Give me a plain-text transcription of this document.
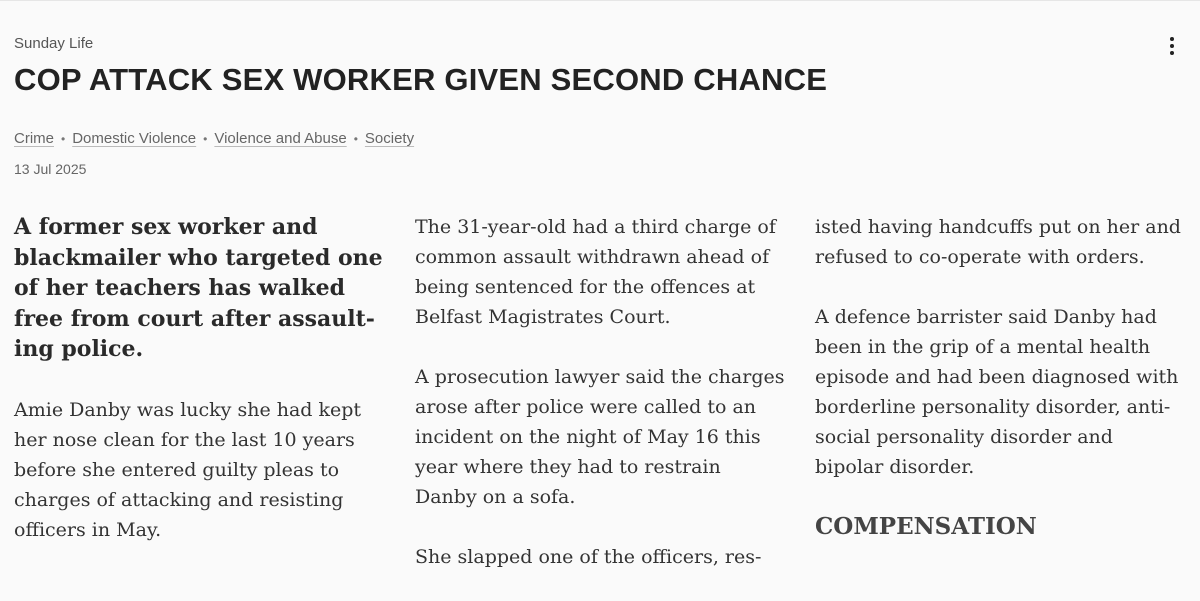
Sunday Life
COP ATTACK SEX WORKER GIVEN SECOND CHANCE
Crime • Domestic Violence • Violence and Abuse • Society
13 Jul 2025

A former sex worker and blackmailer who targeted one of her teachers has walked free from court after assault-ing police.

Amie Danby was lucky she had kept her nose clean for the last 10 years before she entered guilty pleas to charges of attacking and resisting officers in May.

The 31-year-old had a third charge of common assault withdrawn ahead of being sentenced for the offences at Belfast Magistrates Court.

A prosecution lawyer said the charges arose after police were called to an incident on the night of May 16 this year where they had to restrain Danby on a sofa.

She slapped one of the officers, res-

isted having handcuffs put on her and refused to co-operate with orders.

A defence barrister said Danby had been in the grip of a mental health episode and had been diagnosed with borderline personality disorder, anti-social personality disorder and bipolar disorder.

COMPENSATION
